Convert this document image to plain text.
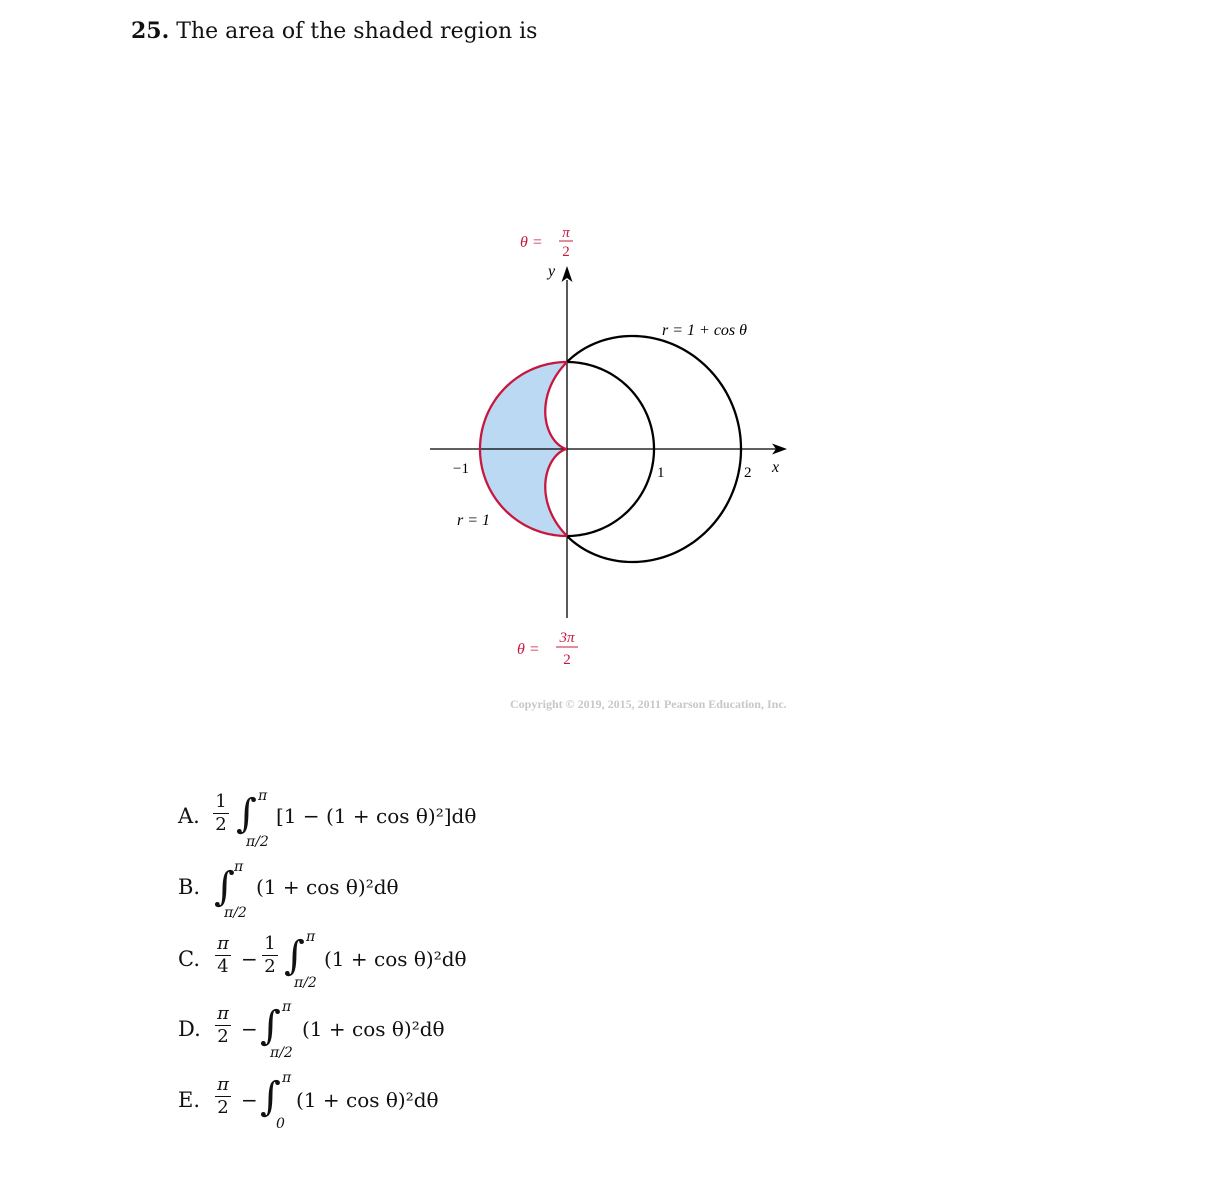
25. The area of the shaded region is
θ =
π
2
y
x
r = 1 + cos θ
−1	1	2
r = 1
θ =
3π
2
Copyright © 2019, 2015, 2011 Pearson Education, Inc.
A.
1
2 ∫ π
π/2
[1 − (1 + cos θ)²]dθ
B. ∫ π
π/2
(1 + cos θ)²dθ
C.
π
4 −
1
2 ∫ π
π/2
(1 + cos θ)²dθ
D.
π
2 − ∫ π
π/2
(1 + cos θ)²dθ
E.
π
2 − ∫ π
0
(1 + cos θ)²dθ
